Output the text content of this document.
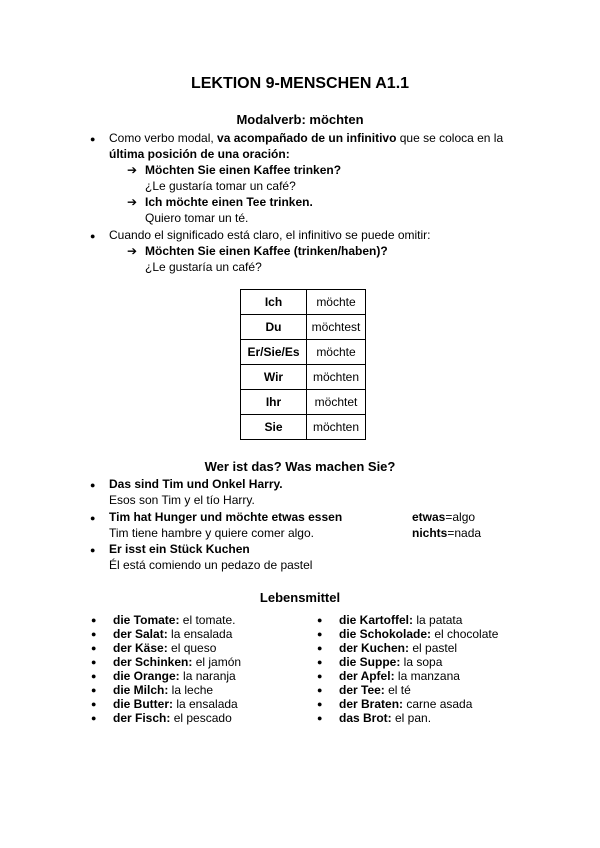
LEKTION 9-MENSCHEN A1.1
Modalverb: möchten
● Como verbo modal, va acompañado de un infinitivo que se coloca en la
última posición de una oración:
➔ Möchten Sie einen Kaffee trinken?
¿Le gustaría tomar un café?
➔ Ich möchte einen Tee trinken.
Quiero tomar un té.
● Cuando el significado está claro, el infinitivo se puede omitir:
➔ Möchten Sie einen Kaffee (trinken/haben)?
¿Le gustaría un café?
Ich	möchte
Du	möchtest
Er/Sie/Es	möchte
Wir	möchten
Ihr	möchtet
Sie	möchten
Wer ist das? Was machen Sie?
● Das sind Tim und Onkel Harry.
Esos son Tim y el tío Harry.
● Tim hat Hunger und möchte etwas essen
Tim tiene hambre y quiere comer algo.
etwas=algo
nichts=nada
● Er isst ein Stück Kuchen
Él está comiendo un pedazo de pastel
Lebensmittel
● die Tomate: el tomate.
● der Salat: la ensalada
● der Käse: el queso
● der Schinken: el jamón
● die Orange: la naranja
● die Milch: la leche
● die Butter: la ensalada
● der Fisch: el pescado
● die Kartoffel: la patata
● die Schokolade: el chocolate
● der Kuchen: el pastel
● die Suppe: la sopa
● der Apfel: la manzana
● der Tee: el té
● der Braten: carne asada
● das Brot: el pan.
